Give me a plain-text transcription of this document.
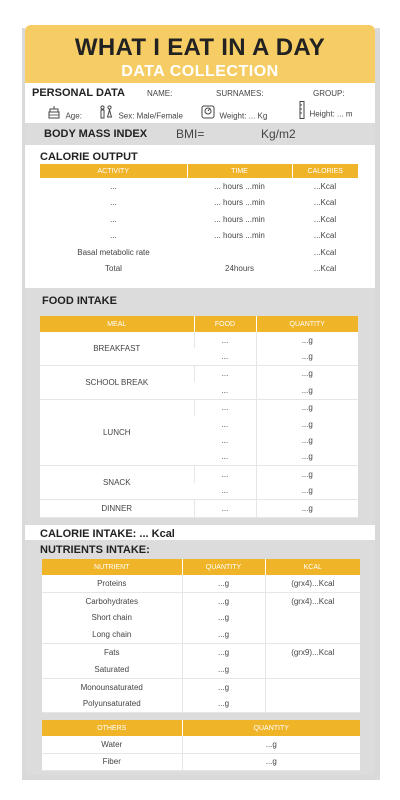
WHAT I EAT IN A DAY
DATA COLLECTION
PERSONAL DATA	NAME:	SURNAMES:	GROUP:
Age:	Sex: Male/Female	Weight: ... Kg	Height: ... m
BODY MASS INDEX BMI=	Kg/m2
CALORIE OUTPUT
ACTIVITY	TIME	CALORIES
...	... hours ...min	...Kcal
...	... hours ...min	...Kcal
...	... hours ...min	...Kcal
...	... hours ...min	...Kcal
Basal metabolic rate		...Kcal
Total	24hours	...Kcal
FOOD INTAKE
MEAL	FOOD	QUANTITY
BREAKFAST	...	...g
	...	...g
SCHOOL BREAK	...	...g
	...	...g
LUNCH	...	...g
	...	...g
	...	...g
	...	...g
SNACK	...	...g
	...	...g
DINNER	...	...g
CALORIE INTAKE: ... Kcal
NUTRIENTS INTAKE:
NUTRIENT	QUANTITY	KCAL
Proteins	...g	(grx4)...Kcal
Carbohydrates	...g	(grx4)...Kcal
Short chain	...g	
Long chain	...g	
Fats	...g	(grx9)...Kcal
Saturated	...g	
Monounsaturated	...g	
Polyunsaturated	...g	
OTHERS	QUANTITY
Water	...g
Fiber	...g
